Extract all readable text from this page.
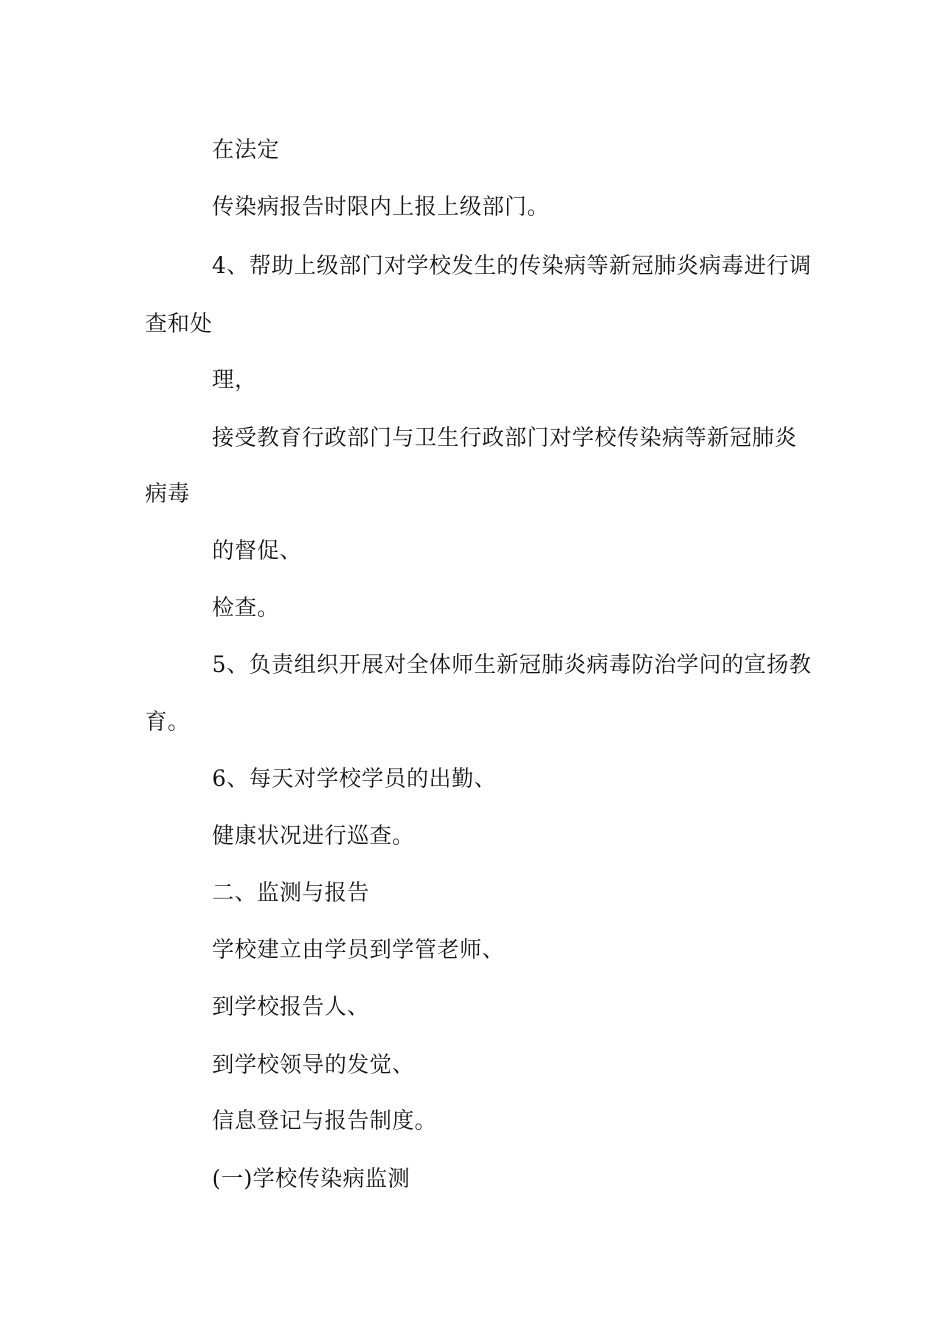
在法定
传染病报告时限内上报上级部门。
4、帮助上级部门对学校发生的传染病等新冠肺炎病毒进行调
查和处
理，
接受教育行政部门与卫生行政部门对学校传染病等新冠肺炎
病毒
的督促、
检查。
5、负责组织开展对全体师生新冠肺炎病毒防治学问的宣扬教
育。
6、每天对学校学员的出勤、
健康状况进行巡查。
二、监测与报告
学校建立由学员到学管老师、
到学校报告人、
到学校领导的发觉、
信息登记与报告制度。
(一)学校传染病监测
